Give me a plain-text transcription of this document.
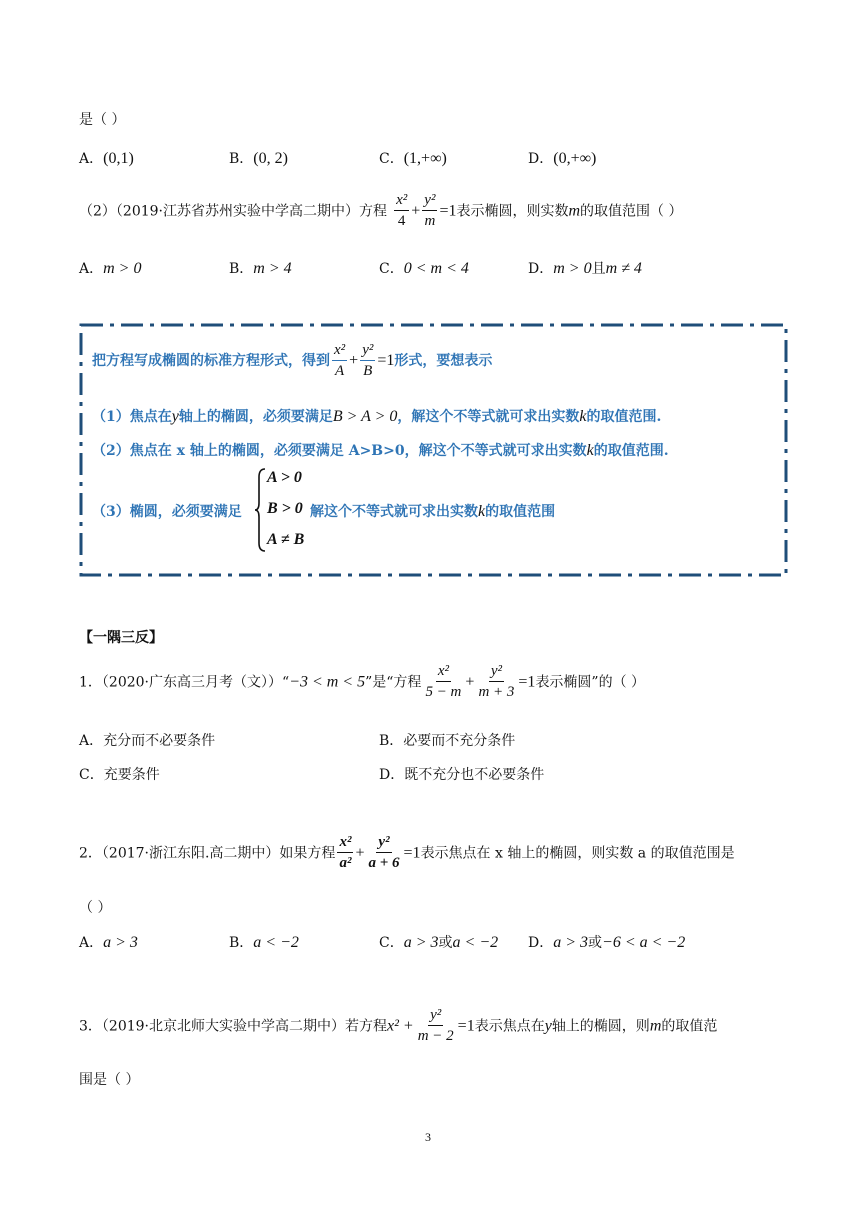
是（ ）
A．(0,1)	B．(0, 2)	C．(1,+∞)	D．(0,+∞)
（2）（2019·江苏省苏州实验中学高二期中）方程 $\frac{\text{x²}}{4} + \frac{\text{y²}}{m} =1$表示椭圆，则实数m的取值范围（ ）
A．m > 0	B．m > 4	C．0 < m < 4	D．m > 0且m ≠ 4
把方程写成椭圆的标准方程形式，得到 $\frac{\text{x²}}{A} + \frac{\text{y²}}{B} =1$形式，要想表示
（1）焦点在y轴上的椭圆，必须要满足B > A > 0，解这个不等式就可求出实数k的取值范围.
（2）焦点在 x 轴上的椭圆，必须要满足 A>B>0，解这个不等式就可求出实数k的取值范围.
（3）椭圆，必须要满足
A > 0
B > 0
A ≠ B
解这个不等式就可求出实数k的取值范围
【一隅三反】
1．（2020·广东高三月考（文））“−3 < m < 5”是“方程 $\frac{\text{x²}}{5 - m} + \frac{\text{y²}}{m + 3} =1$表示椭圆”的（ ）
A．充分而不必要条件	B．必要而不充分条件
C．充要条件	D．既不充分也不必要条件
2．（2017·浙江东阳.高二期中）如果方程 $\frac{\text{x²}}{\text{a²}} + \frac{\text{y²}}{a + 6} =1$表示焦点在 x 轴上的椭圆，则实数 a 的取值范围是
（ ）
A．a > 3	B．a < −2	C．a > 3或a < −2 D．a > 3或−6 < a < −2
3．（2019·北京北师大实验中学高二期中）若方程$x^2 + \frac{\text{y²}}{m - 2} =1$表示焦点在y轴上的椭圆，则m的取值范
围是（ ）
3
